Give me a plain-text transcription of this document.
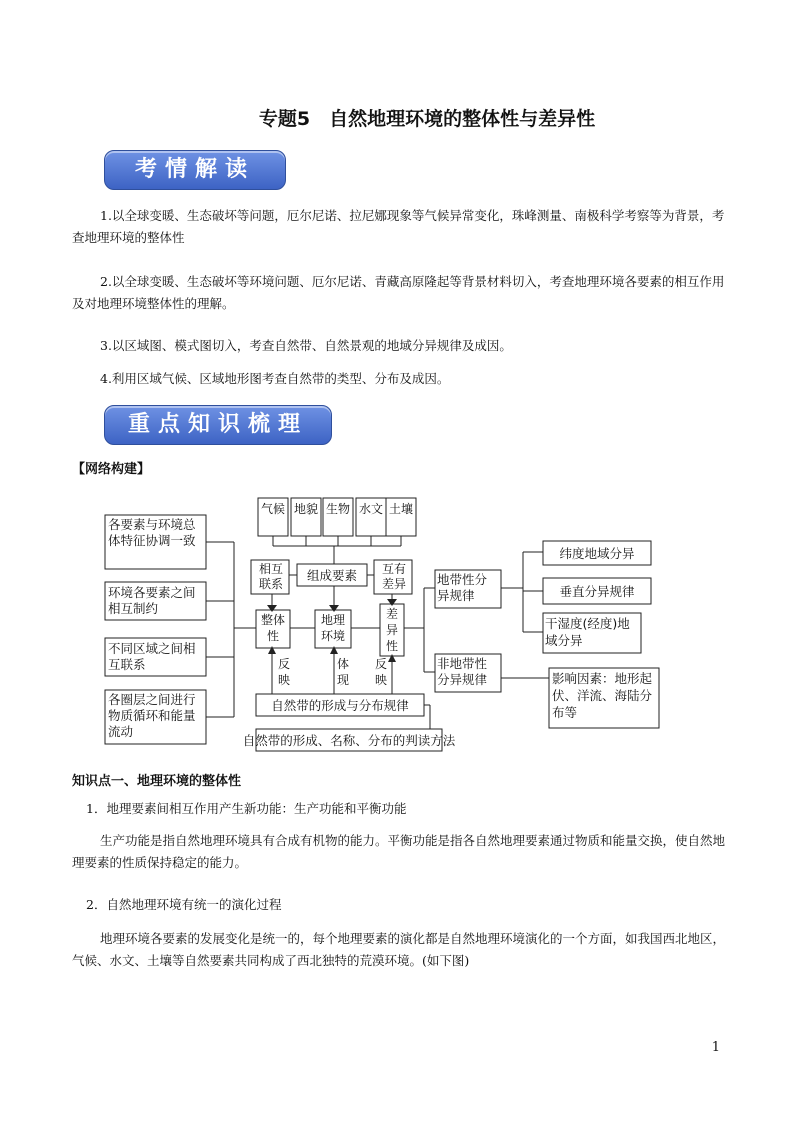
专题5　自然地理环境的整体性与差异性
考情解读
1.以全球变暖、生态破坏等问题，厄尔尼诺、拉尼娜现象等气候异常变化，珠峰测量、南极科学考察等为背景，考查地理环境的整体性
2.以全球变暖、生态破坏等环境问题、厄尔尼诺、青藏高原隆起等背景材料切入，考查地理环境各要素的相互作用及对地理环境整体性的理解。
3.以区域图、模式图切入，考查自然带、自然景观的地域分异规律及成因。
4.利用区域气候、区域地形图考查自然带的类型、分布及成因。
重点知识梳理
【网络构建】
气候 地貌 生物 水文 土壤
各要素与环境总体特征协调一致
环境各要素之间相互制约
不同区域之间相互联系
各圈层之间进行物质循环和能量流动
相互联系
组成要素	互有差异
整体性
地理环境
差异性
反映
体现
反映
自然带的形成与分布规律
自然带的形成、名称、分布的判读方法
地带性分异规律
非地带性分异规律
纬度地域分异
垂直分异规律
干湿度(经度)地域分异
影响因素：地形起伏、洋流、海陆分布等
知识点一、地理环境的整体性
1．地理要素间相互作用产生新功能：生产功能和平衡功能
生产功能是指自然地理环境具有合成有机物的能力。平衡功能是指各自然地理要素通过物质和能量交换，使自然地理要素的性质保持稳定的能力。
2．自然地理环境有统一的演化过程
地理环境各要素的发展变化是统一的，每个地理要素的演化都是自然地理环境演化的一个方面，如我国西北地区，气候、水文、土壤等自然要素共同构成了西北独特的荒漠环境。(如下图)
1
